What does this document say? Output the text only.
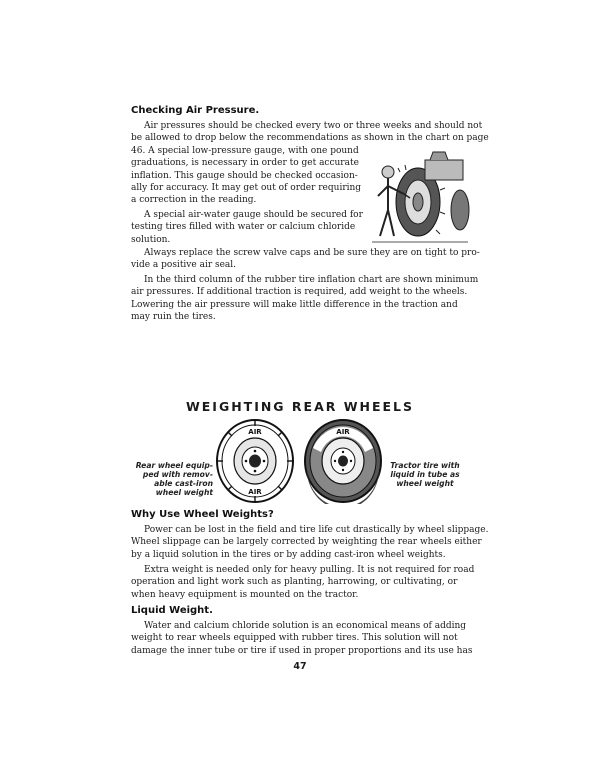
Checking Air Pressure.
Air pressures should be checked every two or three weeks and should not
be allowed to drop below the recommendations as shown in the chart on page
46. A special low-pressure gauge, with one pound
graduations, is necessary in order to get accurate
inflation. This gauge should be checked occasion-
ally for accuracy. It may get out of order requiring
a correction in the reading.
A special air-water gauge should be secured for
testing tires filled with water or calcium chloride
solution.
Always replace the screw valve caps and be sure they are on tight to pro-
vide a positive air seal.
In the third column of the rubber tire inflation chart are shown minimum
air pressures. If additional traction is required, add weight to the wheels.
Lowering the air pressure will make little difference in the traction and
may ruin the tires.
WEIGHTING REAR WHEELS
Rear wheel equip-
ped with remov-
able cast-iron
wheel weight
AIR
AIR
AIR
Tractor tire with
liquid in tube as
wheel weight
Why Use Wheel Weights?
Power can be lost in the field and tire life cut drastically by wheel slippage.
Wheel slippage can be largely corrected by weighting the rear wheels either
by a liquid solution in the tires or by adding cast-iron wheel weights.
Extra weight is needed only for heavy pulling. It is not required for road
operation and light work such as planting, harrowing, or cultivating, or
when heavy equipment is mounted on the tractor.
Liquid Weight.
Water and calcium chloride solution is an economical means of adding
weight to rear wheels equipped with rubber tires. This solution will not
damage the inner tube or tire if used in proper proportions and its use has
47
